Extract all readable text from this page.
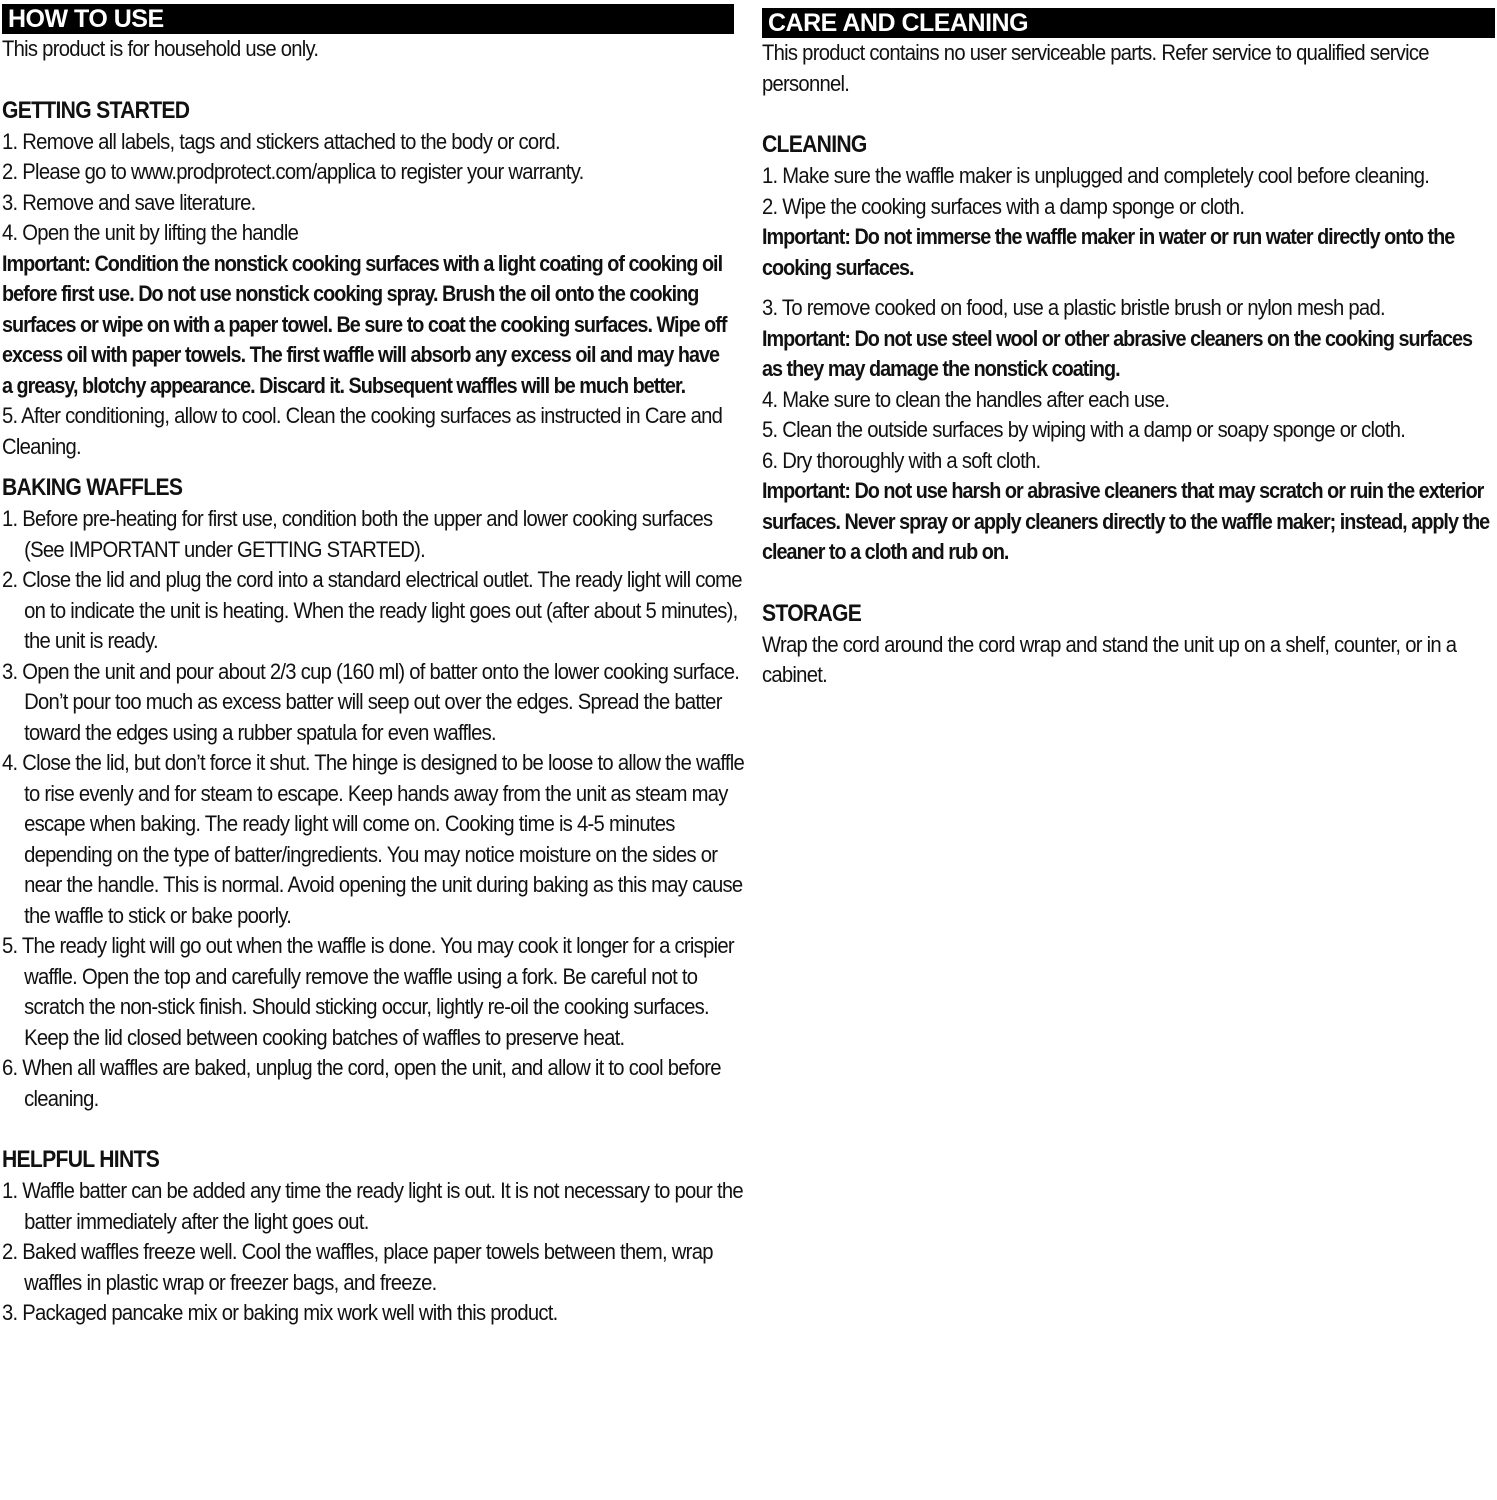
HOW TO USE

This product is for household use only.

GETTING STARTED

1. Remove all labels, tags and stickers attached to the body or cord.

2. Please go to www.prodprotect.com/applica to register your warranty.

3. Remove and save literature.

4. Open the unit by lifting the handle

Important: Condition the nonstick cooking surfaces with a light coating of cooking oil before first use. Do not use nonstick cooking spray. Brush the oil onto the cooking surfaces or wipe on with a paper towel. Be sure to coat the cooking surfaces. Wipe off excess oil with paper towels. The first waffle will absorb any excess oil and may have a greasy, blotchy appearance. Discard it. Subsequent waffles will be much better.

5. After conditioning, allow to cool. Clean the cooking surfaces as instructed in Care and Cleaning.

BAKING WAFFLES

1. Before pre-heating for first use, condition both the upper and lower cooking surfaces (See IMPORTANT under GETTING STARTED).

2. Close the lid and plug the cord into a standard electrical outlet. The ready light will come on to indicate the unit is heating. When the ready light goes out (after about 5 minutes), the unit is ready.

3. Open the unit and pour about 2/3 cup (160 ml) of batter onto the lower cooking surface. Don’t pour too much as excess batter will seep out over the edges. Spread the batter toward the edges using a rubber spatula for even waffles.

4. Close the lid, but don’t force it shut. The hinge is designed to be loose to allow the waffle to rise evenly and for steam to escape. Keep hands away from the unit as steam may escape when baking. The ready light will come on. Cooking time is 4-5 minutes depending on the type of batter/ingredients. You may notice moisture on the sides or near the handle. This is normal. Avoid opening the unit during baking as this may cause the waffle to stick or bake poorly.

5. The ready light will go out when the waffle is done. You may cook it longer for a crispier waffle. Open the top and carefully remove the waffle using a fork. Be careful not to scratch the non-stick finish. Should sticking occur, lightly re-oil the cooking surfaces. Keep the lid closed between cooking batches of waffles to preserve heat.

6. When all waffles are baked, unplug the cord, open the unit, and allow it to cool before cleaning.

HELPFUL HINTS

1. Waffle batter can be added any time the ready light is out. It is not necessary to pour the batter immediately after the light goes out.

2. Baked waffles freeze well. Cool the waffles, place paper towels between them, wrap waffles in plastic wrap or freezer bags, and freeze.

3. Packaged pancake mix or baking mix work well with this product.

CARE AND CLEANING

This product contains no user serviceable parts. Refer service to qualified service personnel.

CLEANING

1. Make sure the waffle maker is unplugged and completely cool before cleaning.

2. Wipe the cooking surfaces with a damp sponge or cloth.

Important: Do not immerse the waffle maker in water or run water directly onto the cooking surfaces.

3. To remove cooked on food, use a plastic bristle brush or nylon mesh pad.

Important: Do not use steel wool or other abrasive cleaners on the cooking surfaces as they may damage the nonstick coating.

4. Make sure to clean the handles after each use.

5. Clean the outside surfaces by wiping with a damp or soapy sponge or cloth.

6. Dry thoroughly with a soft cloth.

Important: Do not use harsh or abrasive cleaners that may scratch or ruin the exterior surfaces. Never spray or apply cleaners directly to the waffle maker; instead, apply the cleaner to a cloth and rub on.

STORAGE

Wrap the cord around the cord wrap and stand the unit up on a shelf, counter, or in a cabinet.
